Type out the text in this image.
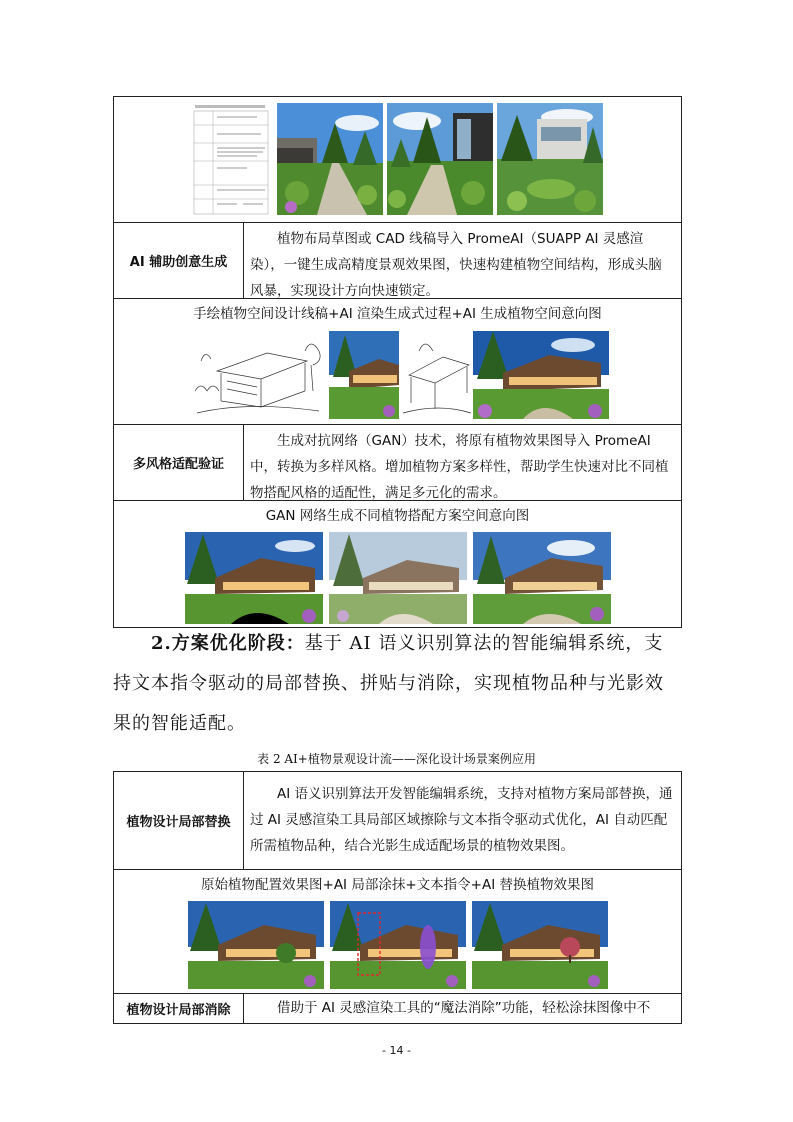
AI 辅助创意生成
植物布局草图或 CAD 线稿导入 PromeAI（SUAPP AI 灵感渲染），一键生成高精度景观效果图，快速构建植物空间结构，形成头脑风暴，实现设计方向快速锁定。
手绘植物空间设计线稿+AI 渲染生成式过程+AI 生成植物空间意向图
多风格适配验证
生成对抗网络（GAN）技术，将原有植物效果图导入 PromeAI中，转换为多样风格。增加植物方案多样性，帮助学生快速对比不同植物搭配风格的适配性，满足多元化的需求。
GAN 网络生成不同植物搭配方案空间意向图
2.方案优化阶段：基于 AI 语义识别算法的智能编辑系统，支持文本指令驱动的局部替换、拼贴与消除，实现植物品种与光影效果的智能适配。
表 2 AI+植物景观设计流——深化设计场景案例应用
植物设计局部替换
AI 语义识别算法开发智能编辑系统，支持对植物方案局部替换，通过 AI 灵感渲染工具局部区域擦除与文本指令驱动式优化，AI 自动匹配所需植物品种，结合光影生成适配场景的植物效果图。
原始植物配置效果图+AI 局部涂抹+文本指令+AI 替换植物效果图
植物设计局部消除	借助于 AI 灵感渲染工具的“魔法消除”功能，轻松涂抹图像中不
- 14 -
